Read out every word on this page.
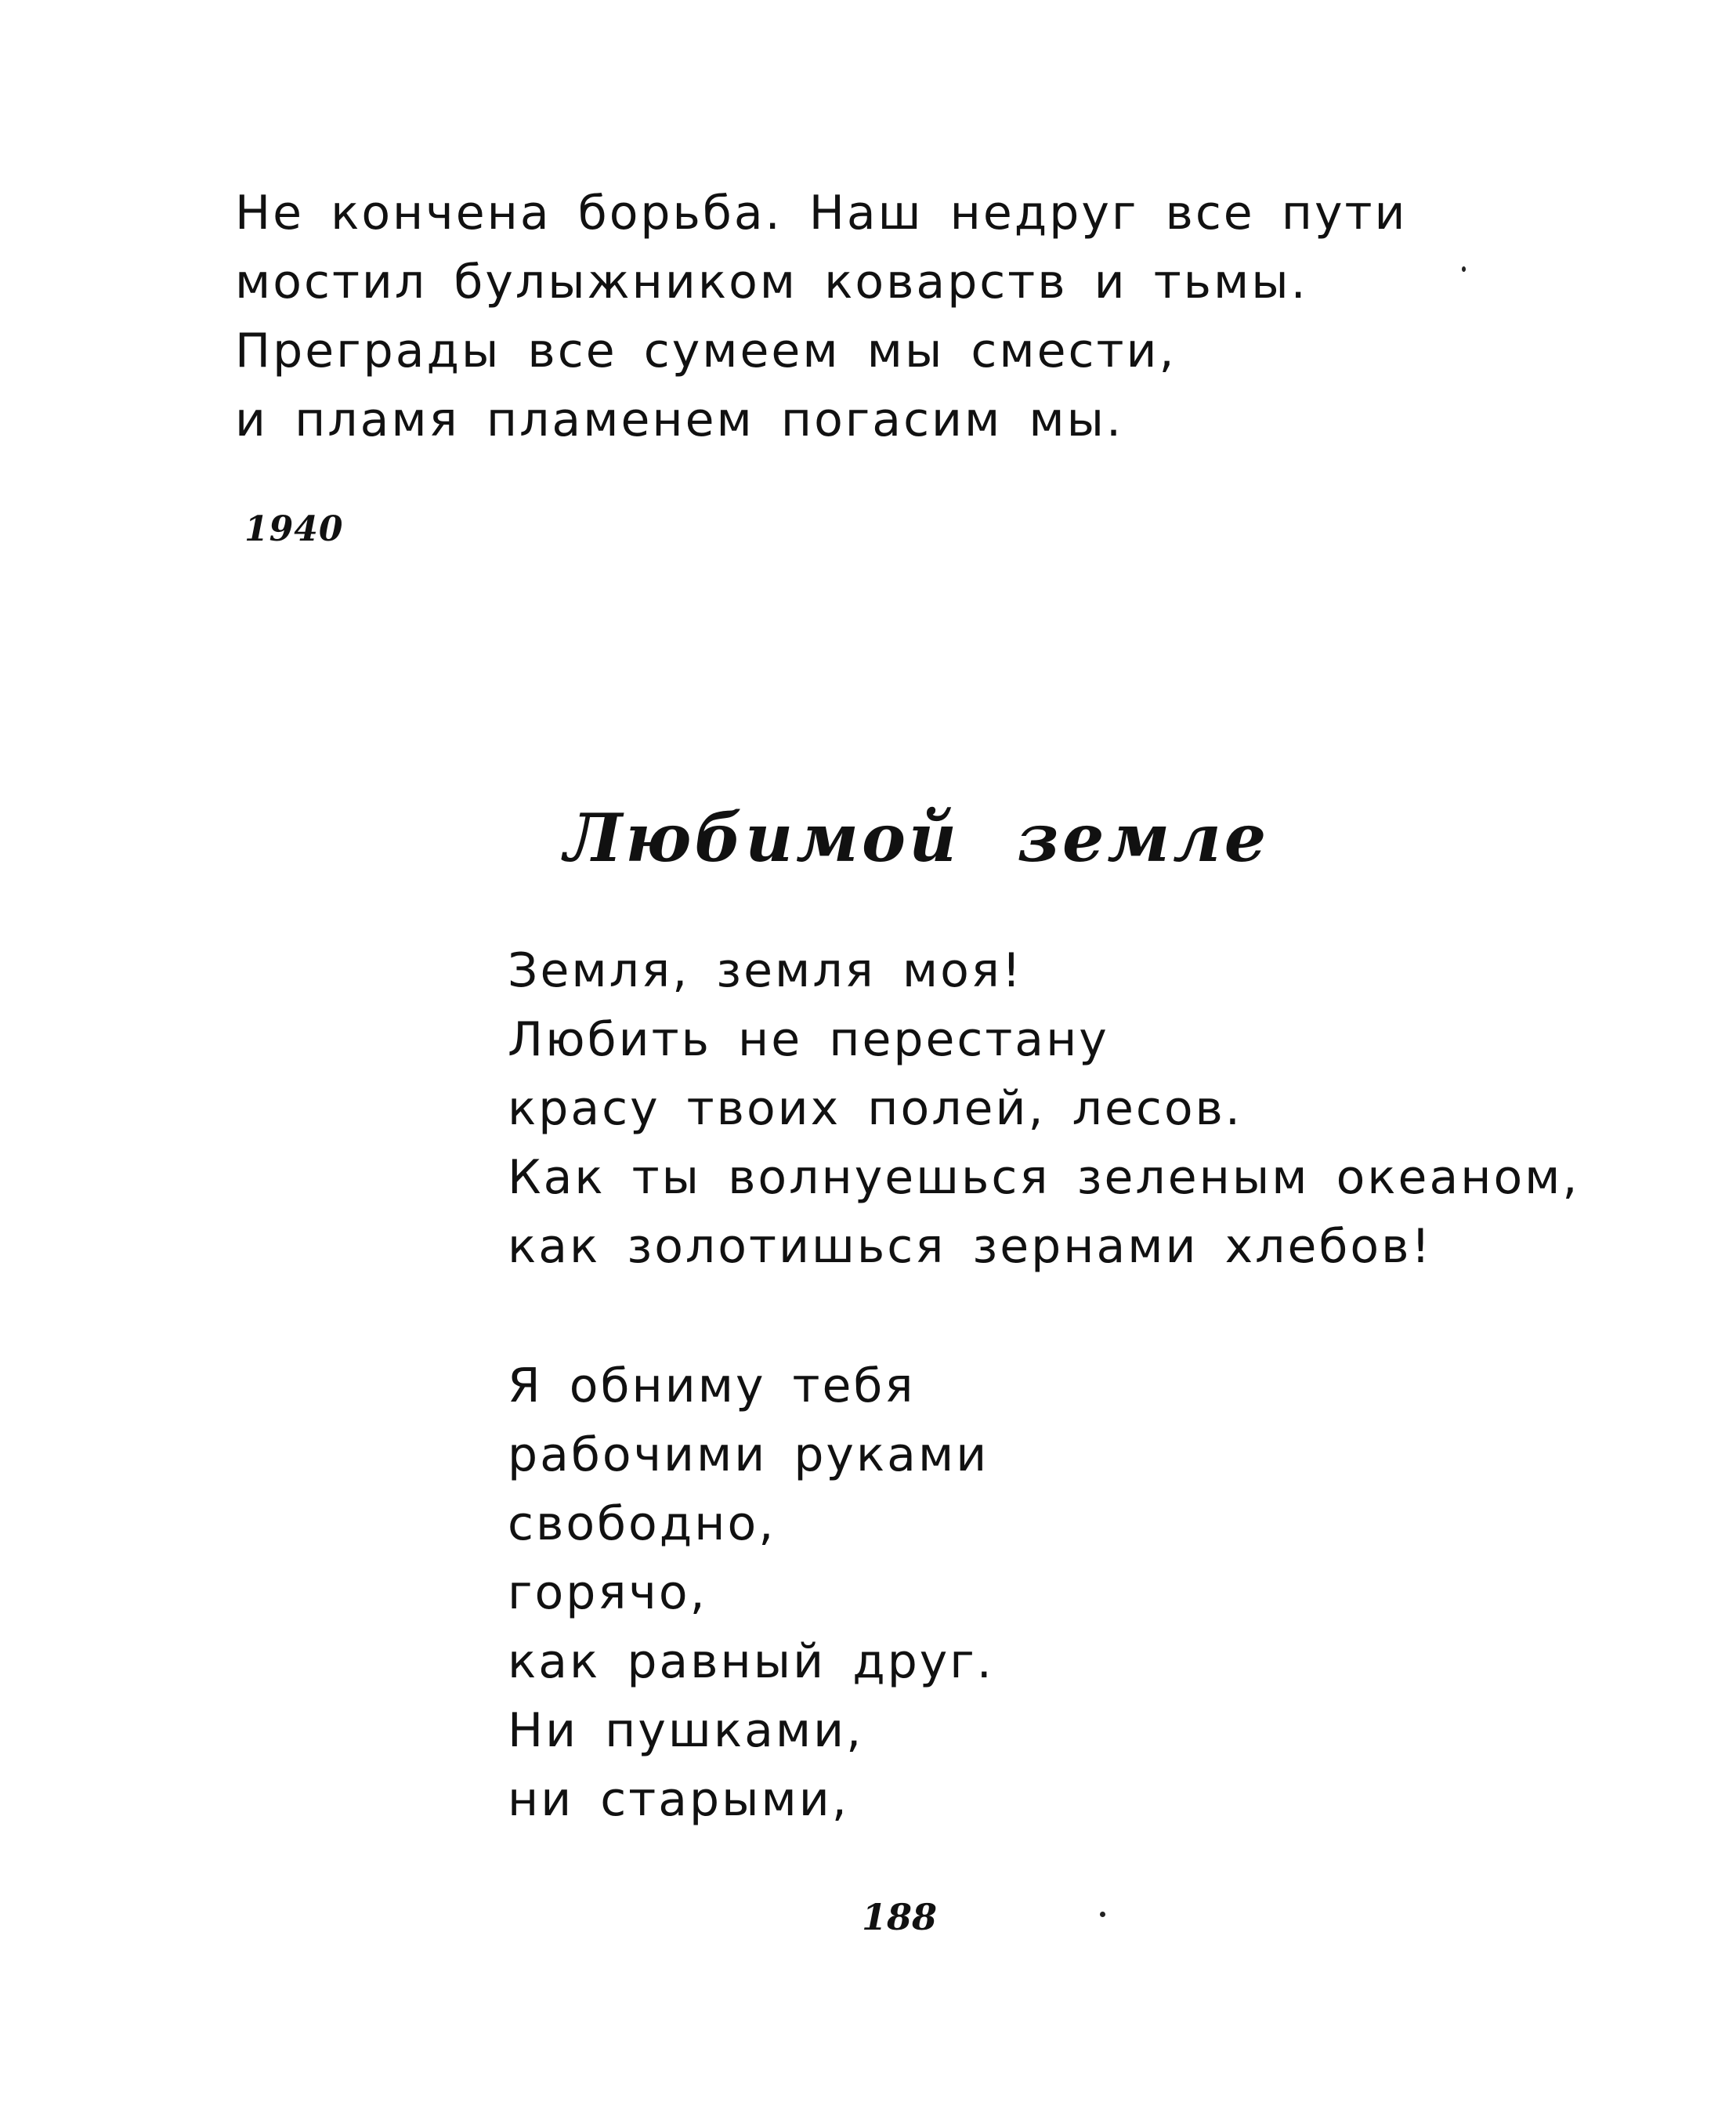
Не кончена борьба. Наш недруг все пути
мостил булыжником коварств и тьмы.
Преграды все сумеем мы смести,
и пламя пламенем погасим мы.
1940
Любимой земле
Земля, земля моя!
Любить не перестану
красу твоих полей, лесов.
Как ты волнуешься зеленым океаном,
как золотишься зернами хлебов!
Я обниму тебя
рабочими руками
свободно,
горячо,
как равный друг.
Ни пушками,
ни старыми,
188
